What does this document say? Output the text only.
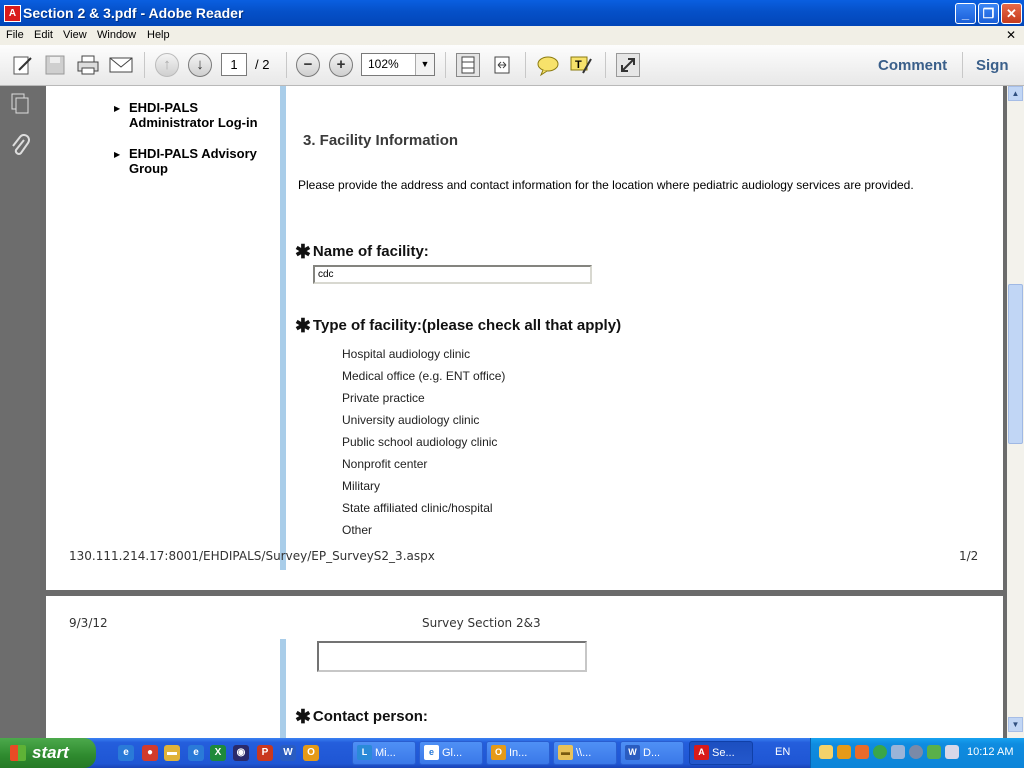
A Section 2 & 3.pdf - Adobe Reader	_	❐ ✕
File Edit View Window Help	✕
↑	↓	−	+	T
1	/ 2	102%	▼	Comment Sign
▶ EHDI-PALS Administrator Log-in
▶ EHDI-PALS Advisory Group
3. Facility Information
Please provide the address and contact information for the location where pediatric audiology services are provided.
✱ Name of facility:
cdc
✱ Type of facility:(please check all that apply)
Hospital audiology clinic
Medical office (e.g. ENT office)
Private practice
University audiology clinic
Public school audiology clinic
Nonprofit center
Military
State affiliated clinic/hospital
Other
130.111.214.17:8001/EHDIPALS/Survey/EP_SurveyS2_3.aspx	1/2
9/3/12	Survey Section 2&3
✱ Contact person:
▲
▼
start	e	●	▬	e	X	◉	P	W	O	L Mi...	e Gl...	O In...	▬ \\...	W D...	A Se...	EN	10:12 AM
